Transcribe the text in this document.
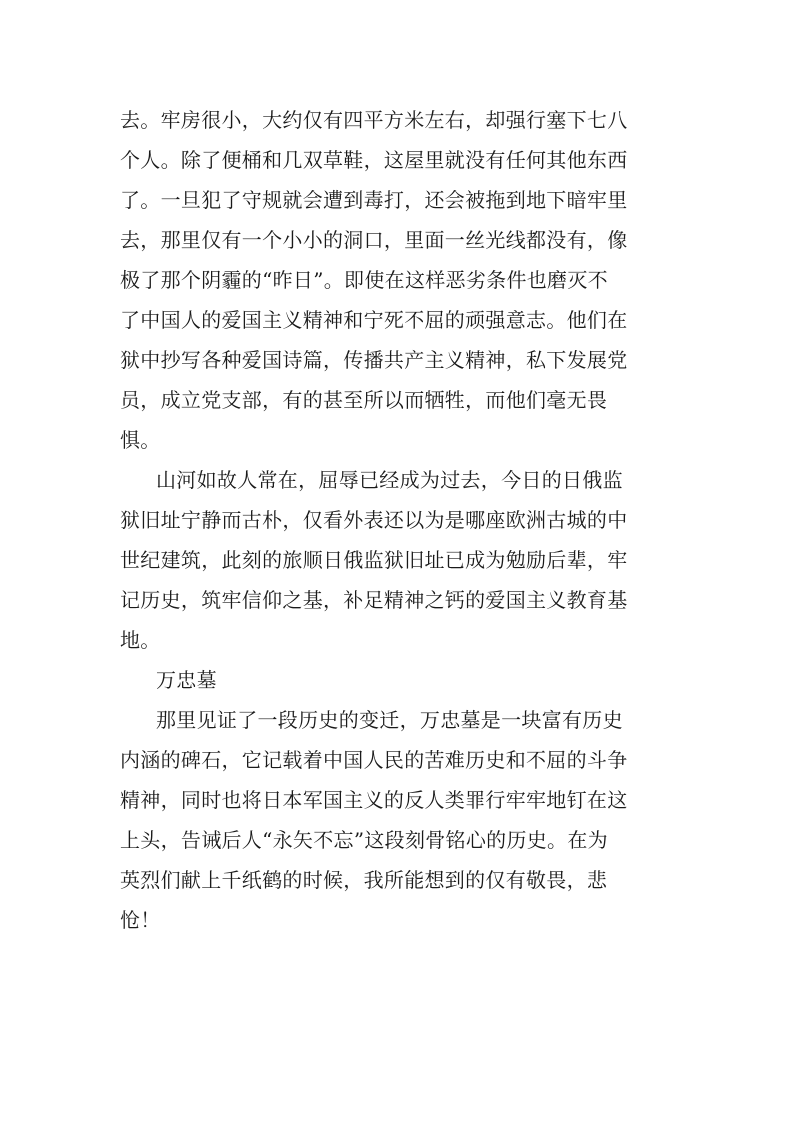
去。牢房很小，大约仅有四平方米左右，却强行塞下七八
个人。除了便桶和几双草鞋，这屋里就没有任何其他东西
了。一旦犯了守规就会遭到毒打，还会被拖到地下暗牢里
去，那里仅有一个小小的洞口，里面一丝光线都没有，像
极了那个阴霾的“昨日”。即使在这样恶劣条件也磨灭不
了中国人的爱国主义精神和宁死不屈的顽强意志。他们在
狱中抄写各种爱国诗篇，传播共产主义精神，私下发展党
员，成立党支部，有的甚至所以而牺牲，而他们毫无畏
惧。
山河如故人常在，屈辱已经成为过去，今日的日俄监
狱旧址宁静而古朴，仅看外表还以为是哪座欧洲古城的中
世纪建筑，此刻的旅顺日俄监狱旧址已成为勉励后辈，牢
记历史，筑牢信仰之基，补足精神之钙的爱国主义教育基
地。
万忠墓
那里见证了一段历史的变迁，万忠墓是一块富有历史
内涵的碑石，它记载着中国人民的苦难历史和不屈的斗争
精神，同时也将日本军国主义的反人类罪行牢牢地钉在这
上头，告诫后人“永矢不忘”这段刻骨铭心的历史。在为
英烈们献上千纸鹤的时候，我所能想到的仅有敬畏，悲
怆！
